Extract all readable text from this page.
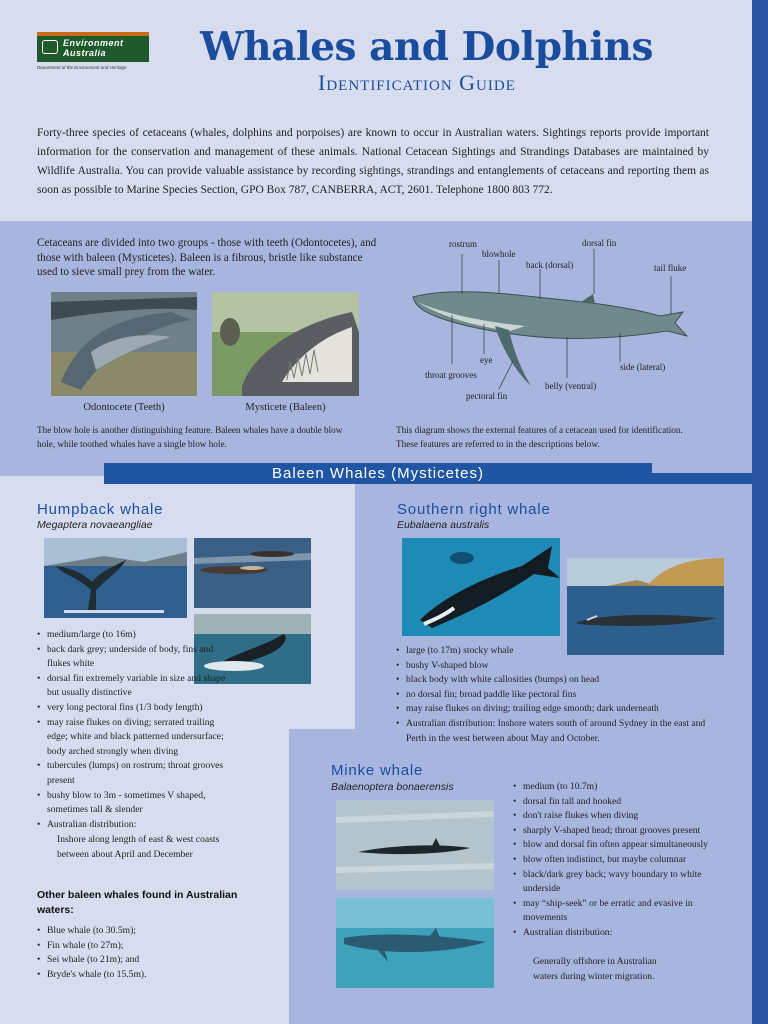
Environment
Australia
Department of the Environment and Heritage Whales and Dolphins
Identification Guide
Forty-three species of cetaceans (whales, dolphins and porpoises) are known to occur in Australian waters. Sightings reports provide important information for the conservation and management of these animals. National Cetacean Sightings and Strandings Databases are maintained by Wildlife Australia. You can provide valuable assistance by recording sightings, strandings and entanglements of cetaceans and reporting them as soon as possible to Marine Species Section, GPO Box 787, CANBERRA, ACT, 2601. Telephone 1800 803 772.
Cetaceans are divided into two groups - those with teeth (Odontocetes), and those with baleen (Mysticetes). Baleen is a fibrous, bristle like substance used to sieve small prey from the water.
Odontocete (Teeth)	Mysticete (Baleen)
The blow hole is another distinguishing feature. Baleen whales have a double blow hole, while toothed whales have a single blow hole.
rostrum
blowhole
dorsal fin
back (dorsal)	tail fluke
eye
throat grooves
side (lateral)
belly (ventral)
pectoral fin
This diagram shows the external features of a cetacean used for identification. These features are referred to in the descriptions below.
Baleen Whales (Mysticetes)
Humpback whale
Megaptera novaeangliae
• medium/large (to 16m)
• back dark grey; underside of body, fins and flukes white
• dorsal fin extremely variable in size and shape but usually distinctive
• very long pectoral fins (1/3 body length)
• may raise flukes on diving; serrated trailing edge; white and black patterned undersurface; body arched strongly when diving
• tubercules (lumps) on rostrum; throat grooves present
• bushy blow to 3m - sometimes V shaped, sometimes tall & slender
• Australian distribution:
Inshore along length of east & west coasts between about April and December
Other baleen whales found in Australian waters:
• Blue whale (to 30.5m);
• Fin whale (to 27m);
• Sei whale (to 21m); and
• Bryde's whale (to 15.5m).
Southern right whale
Eubalaena australis
• large (to 17m) stocky whale
• bushy V-shaped blow
• black body with white callosities (bumps) on head
• no dorsal fin; broad paddle like pectoral fins
• may raise flukes on diving; trailing edge smooth; dark underneath
• Australian distribution: Inshore waters south of around Sydney in the east and Perth in the west between about May and October.
Minke whale
Balaenoptera bonaerensis
•	medium (to 10.7m)
• dorsal fin tall and hooked
• don't raise flukes when diving
• sharply V-shaped head; throat grooves present
• blow and dorsal fin often appear simultaneously
• blow often indistinct, but maybe columnar
• black/dark grey back; wavy boundary to white underside
• may “ship-seek” or be erratic and evasive in movements
• Australian distribution:
Generally offshore in Australian waters during winter migration.
